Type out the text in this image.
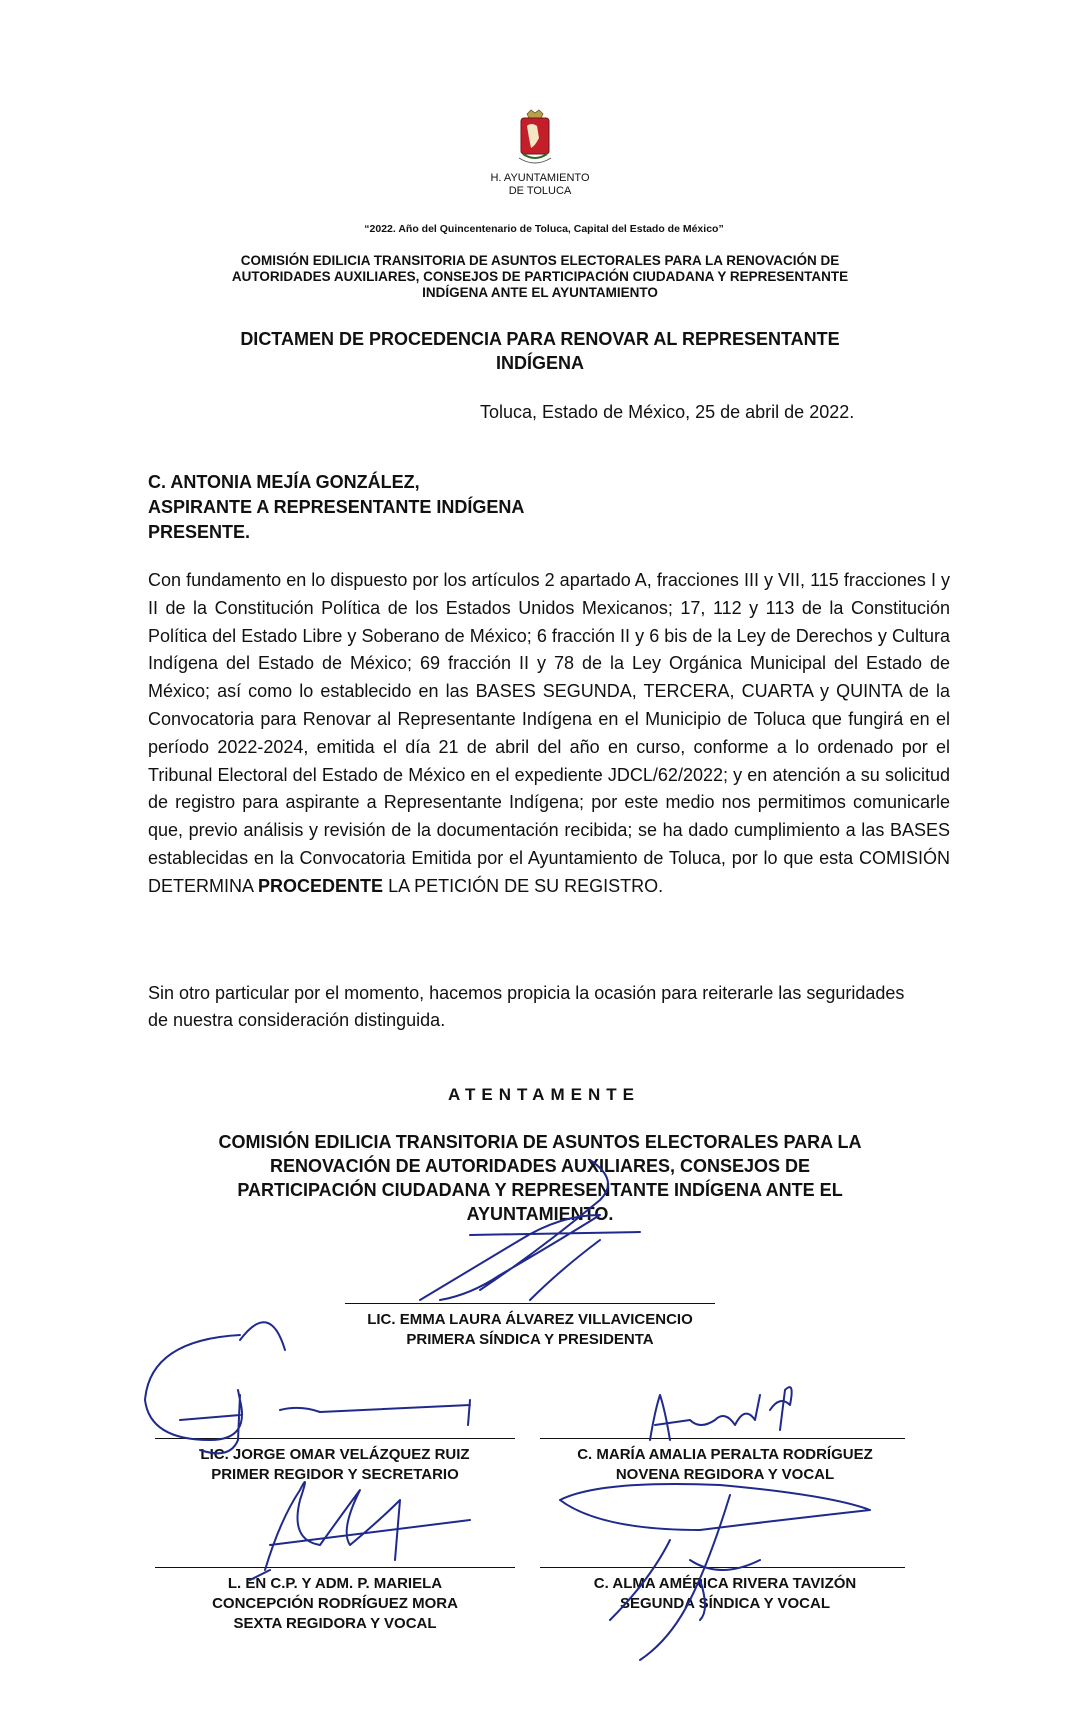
H. AYUNTAMIENTO
DE TOLUCA
“2022. Año del Quincentenario de Toluca, Capital del Estado de México”
COMISIÓN EDILICIA TRANSITORIA DE ASUNTOS ELECTORALES PARA LA RENOVACIÓN DE
AUTORIDADES AUXILIARES, CONSEJOS DE PARTICIPACIÓN CIUDADANA Y REPRESENTANTE
INDÍGENA ANTE EL AYUNTAMIENTO
DICTAMEN DE PROCEDENCIA PARA RENOVAR AL REPRESENTANTE
INDÍGENA
Toluca, Estado de México, 25 de abril de 2022.
C. ANTONIA MEJÍA GONZÁLEZ,
ASPIRANTE A REPRESENTANTE INDÍGENA
PRESENTE.
Con fundamento en lo dispuesto por los artículos 2 apartado A, fracciones III y VII, 115 fracciones I y II de la Constitución Política de los Estados Unidos Mexicanos; 17, 112 y 113 de la Constitución Política del Estado Libre y Soberano de México; 6 fracción II y 6 bis de la Ley de Derechos y Cultura Indígena del Estado de México; 69 fracción II y 78 de la Ley Orgánica Municipal del Estado de México; así como lo establecido en las BASES SEGUNDA, TERCERA, CUARTA y QUINTA de la Convocatoria para Renovar al Representante Indígena en el Municipio de Toluca que fungirá en el período 2022-2024, emitida el día 21 de abril del año en curso, conforme a lo ordenado por el Tribunal Electoral del Estado de México en el expediente JDCL/62/2022; y en atención a su solicitud de registro para aspirante a Representante Indígena; por este medio nos permitimos comunicarle que, previo análisis y revisión de la documentación recibida; se ha dado cumplimiento a las BASES establecidas en la Convocatoria Emitida por el Ayuntamiento de Toluca, por lo que esta COMISIÓN DETERMINA PROCEDENTE LA PETICIÓN DE SU REGISTRO.
Sin otro particular por el momento, hacemos propicia la ocasión para reiterarle las seguridades de nuestra consideración distinguida.
ATENTAMENTE
COMISIÓN EDILICIA TRANSITORIA DE ASUNTOS ELECTORALES PARA LA
RENOVACIÓN DE AUTORIDADES AUXILIARES, CONSEJOS DE
PARTICIPACIÓN CIUDADANA Y REPRESENTANTE INDÍGENA ANTE EL
AYUNTAMIENTO.
LIC. EMMA LAURA ÁLVAREZ VILLAVICENCIO
PRIMERA SÍNDICA Y PRESIDENTA
LIC. JORGE OMAR VELÁZQUEZ RUIZ
PRIMER REGIDOR Y SECRETARIO
C. MARÍA AMALIA PERALTA RODRÍGUEZ
NOVENA REGIDORA Y VOCAL
L. EN C.P. Y ADM. P. MARIELA
CONCEPCIÓN RODRÍGUEZ MORA
SEXTA REGIDORA Y VOCAL
C. ALMA AMÉRICA RIVERA TAVIZÓN
SEGUNDA SÍNDICA Y VOCAL
